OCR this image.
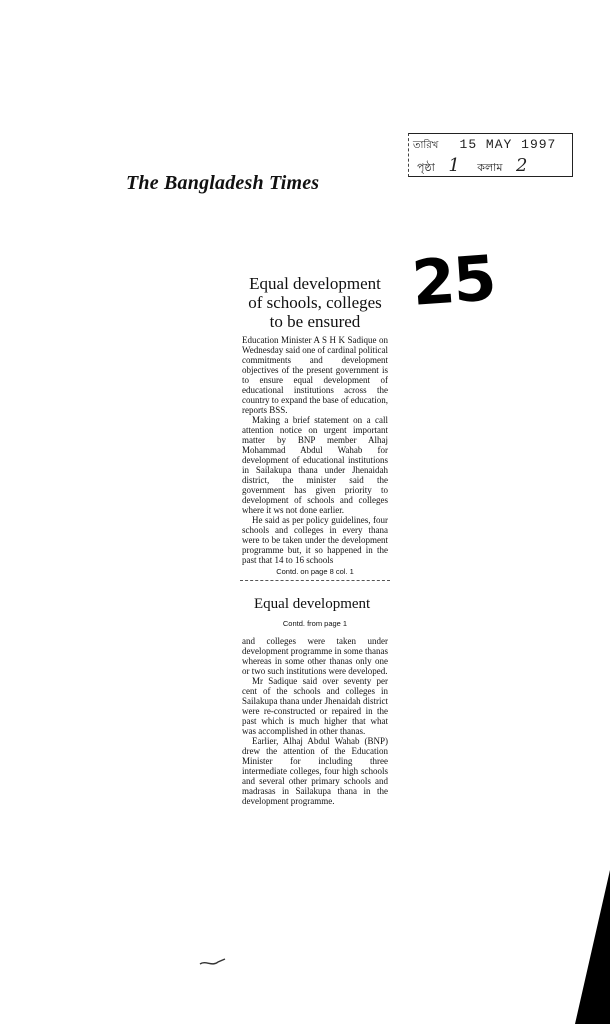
The Bangladesh Times
তারিখ 15 MAY 1997
পৃষ্ঠা 1 কলাম 2
25
Equal development
of schools, colleges
to be ensured

Education Minister A S H K Sadique on Wednesday said one of cardinal political commitments and development objectives of the present government is to ensure equal development of educational institutions across the country to expand the base of education, reports BSS.

Making a brief statement on a call attention notice on urgent important matter by BNP member Alhaj Mohammad Abdul Wahab for development of educational institutions in Sailakupa thana under Jhenaidah district, the minister said the government has given priority to development of schools and colleges where it ws not done earlier.

He said as per policy guidelines, four schools and colleges in every thana were to be taken under the development programme but, it so happened in the past that 14 to 16 schools

Contd. on page 8 col. 1
Equal development
Contd. from page 1

and colleges were taken under development programme in some thanas whereas in some other thanas only one or two such institutions were developed.

Mr Sadique said over seventy per cent of the schools and colleges in Sailakupa thana under Jhenaidah district were re-constructed or repaired in the past which is much higher that what was accomplished in other thanas.

Earlier, Alhaj Abdul Wahab (BNP) drew the attention of the Education Minister for including three intermediate colleges, four high schools and several other primary schools and madrasas in Sailakupa thana in the development programme.
